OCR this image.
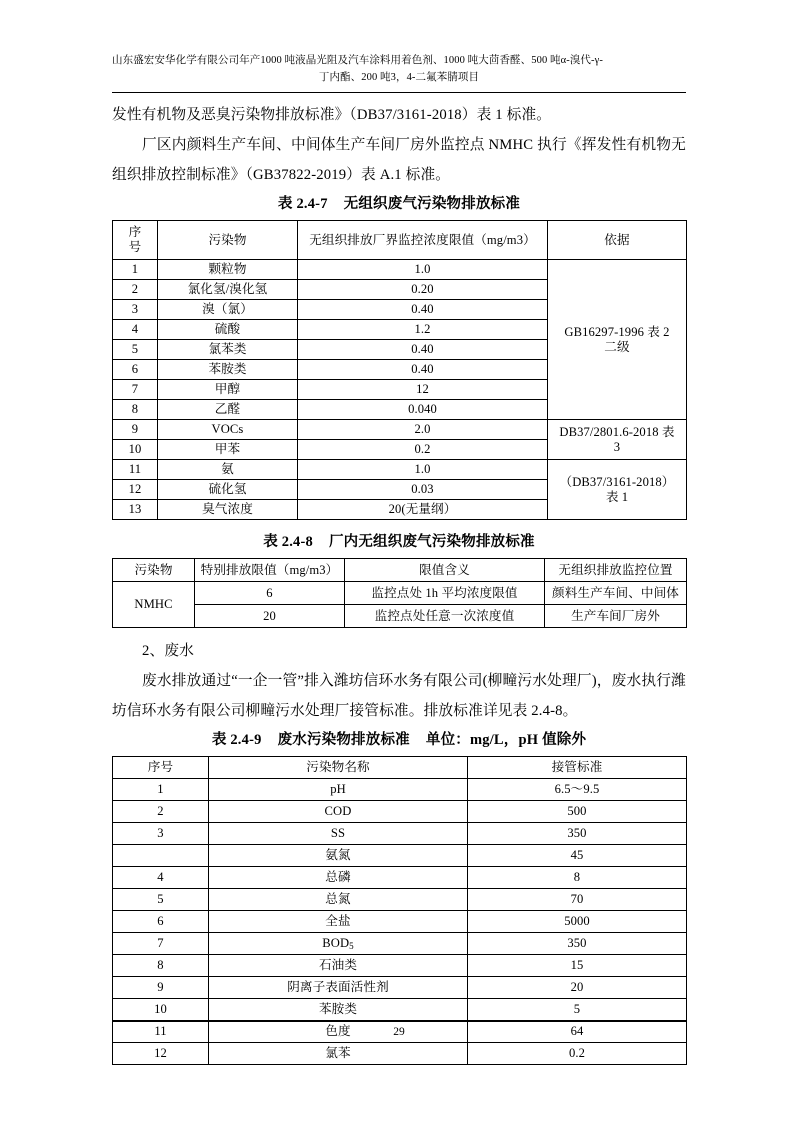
山东盛宏安华化学有限公司年产1000 吨液晶光阻及汽车涂料用着色剂、1000 吨大茴香醛、500 吨α-溴代-γ-
丁内酯、200 吨3，4-二氟苯腈项目

发性有机物及恶臭污染物排放标准》（DB37/3161-2018）表 1 标准。

厂区内颜料生产车间、中间体生产车间厂房外监控点 NMHC 执行《挥发性有机物无组织排放控制标准》（GB37822-2019）表 A.1 标准。

表 2.4-7 无组织废气污染物排放标准
序
号	污染物	无组织排放厂界监控浓度限值（mg/m3）	依据
1	颗粒物	1.0	GB16297-1996 表 2
二级
2	氯化氢/溴化氢	0.20	
3	溴（氯）	0.40	
4	硫酸	1.2	
5	氯苯类	0.40	
6	苯胺类	0.40	
7	甲醇	12	
8	乙醛	0.040	
9	VOCs	2.0	DB37/2801.6-2018 表
3
10	甲苯	0.2	
11	氨	1.0	（DB37/3161-2018）
表 1
12	硫化氢	0.03	
13	臭气浓度	20(无量纲）	
表 2.4-8 厂内无组织废气污染物排放标准
污染物	特别排放限值（mg/m3）	限值含义	无组织排放监控位置
NMHC	6	监控点处 1h 平均浓度限值	颜料生产车间、中间体
	20	监控点处任意一次浓度值	生产车间厂房外

2、废水

废水排放通过“一企一管”排入潍坊信环水务有限公司(柳疃污水处理厂)，废水执行潍坊信环水务有限公司柳疃污水处理厂接管标准。排放标准详见表 2.4-8。

表 2.4-9 废水污染物排放标准 单位：mg/L，pH 值除外
序号	污染物名称	接管标准
1	pH	6.5～9.5
2	COD	500
3	SS	350
	氨氮	45
4	总磷	8
5	总氮	70
6	全盐	5000
7	$BOD_5$	350
8	石油类	15
9	阴离子表面活性剂	20
10	苯胺类	5
11	色度	64
12	氯苯	0.2
29
